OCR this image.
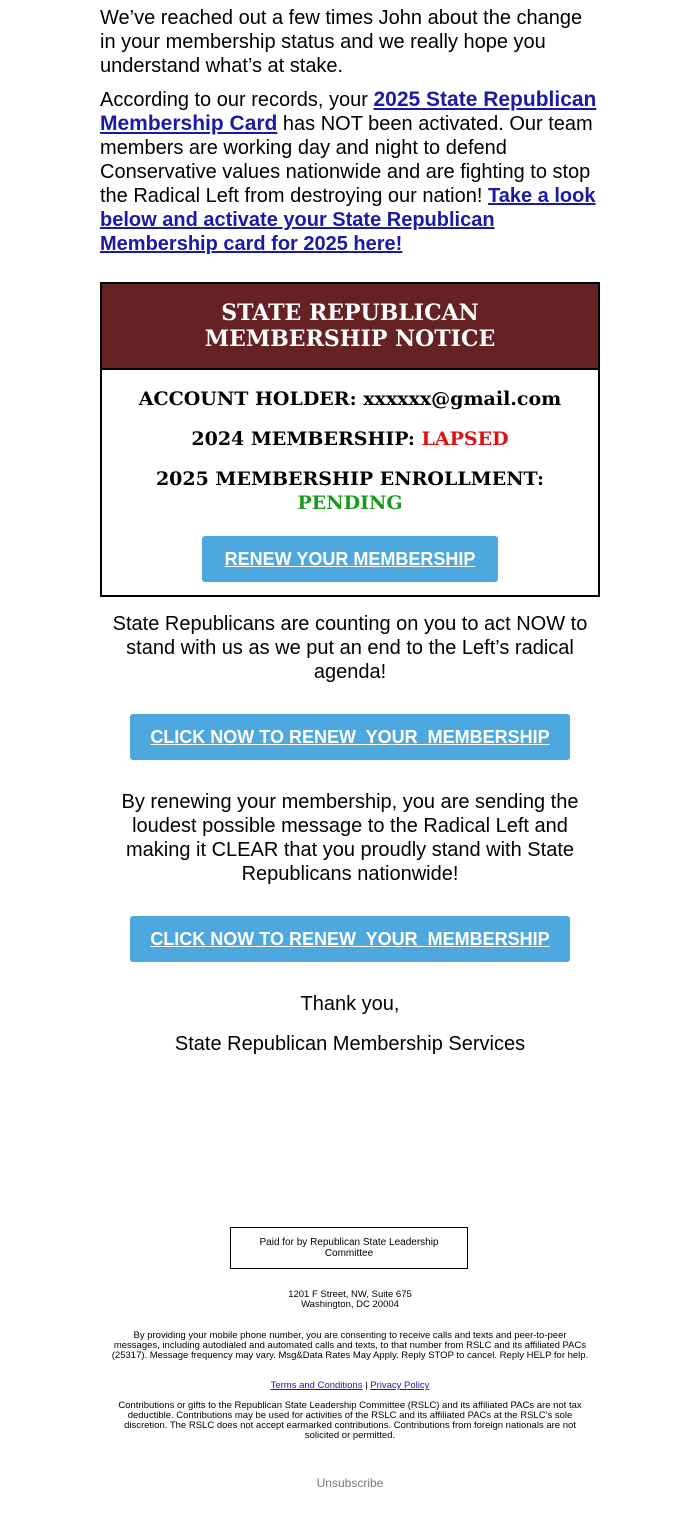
We’ve reached out a few times John about the change in your membership status and we really hope you understand what’s at stake.

According to our records, your 2025 State Republican Membership Card has NOT been activated. Our team members are working day and night to defend Conservative values nationwide and are fighting to stop the Radical Left from destroying our nation! Take a look below and activate your State Republican Membership card for 2025 here!

STATE REPUBLICAN MEMBERSHIP NOTICE
ACCOUNT HOLDER: xxxxxx@gmail.com
2024 MEMBERSHIP: LAPSED
2025 MEMBERSHIP ENROLLMENT:
PENDING
RENEW YOUR MEMBERSHIP
State Republicans are counting on you to act NOW to stand with us as we put an end to the Left’s radical agenda!
CLICK NOW TO RENEW  YOUR  MEMBERSHIP
By renewing your membership, you are sending the loudest possible message to the Radical Left and making it CLEAR that you proudly stand with State Republicans nationwide!
CLICK NOW TO RENEW  YOUR  MEMBERSHIP
Thank you,
State Republican Membership Services
Paid for by Republican State Leadership Committee
1201 F Street, NW, Suite 675
Washington, DC 20004
By providing your mobile phone number, you are consenting to receive calls and texts and peer-to-peer messages, including autodialed and automated calls and texts, to that number from RSLC and its affiliated PACs (25317). Message frequency may vary. Msg&Data Rates May Apply. Reply STOP to cancel. Reply HELP for help.
Terms and Conditions | Privacy Policy
Contributions or gifts to the Republican State Leadership Committee (RSLC) and its affiliated PACs are not tax deductible. Contributions may be used for activities of the RSLC and its affiliated PACs at the RSLC’s sole discretion. The RSLC does not accept earmarked contributions. Contributions from foreign nationals are not solicited or permitted.
Unsubscribe
